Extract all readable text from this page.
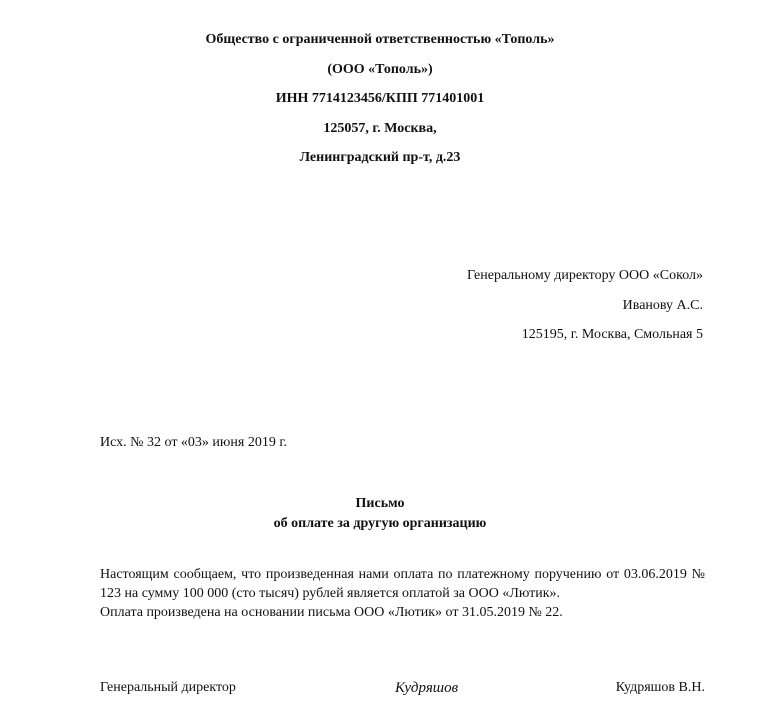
Общество с ограниченной ответственностью «Тополь»
(ООО «Тополь»)
ИНН 7714123456/КПП 771401001
125057, г. Москва,
Ленинградский пр-т, д.23
Генеральному директору ООО «Сокол»
Иванову А.С.
125195, г. Москва, Смольная 5
Исх. № 32 от «03» июня 2019 г.
Письмо
об оплате за другую организацию
Настоящим сообщаем, что произведенная нами оплата по платежному поручению от 03.06.2019 № 123 на сумму 100 000 (сто тысяч) рублей является оплатой за ООО «Лютик».
Оплата произведена на основании письма ООО «Лютик» от 31.05.2019 № 22.
Генеральный директор	Кудряшов	Кудряшов В.Н.
